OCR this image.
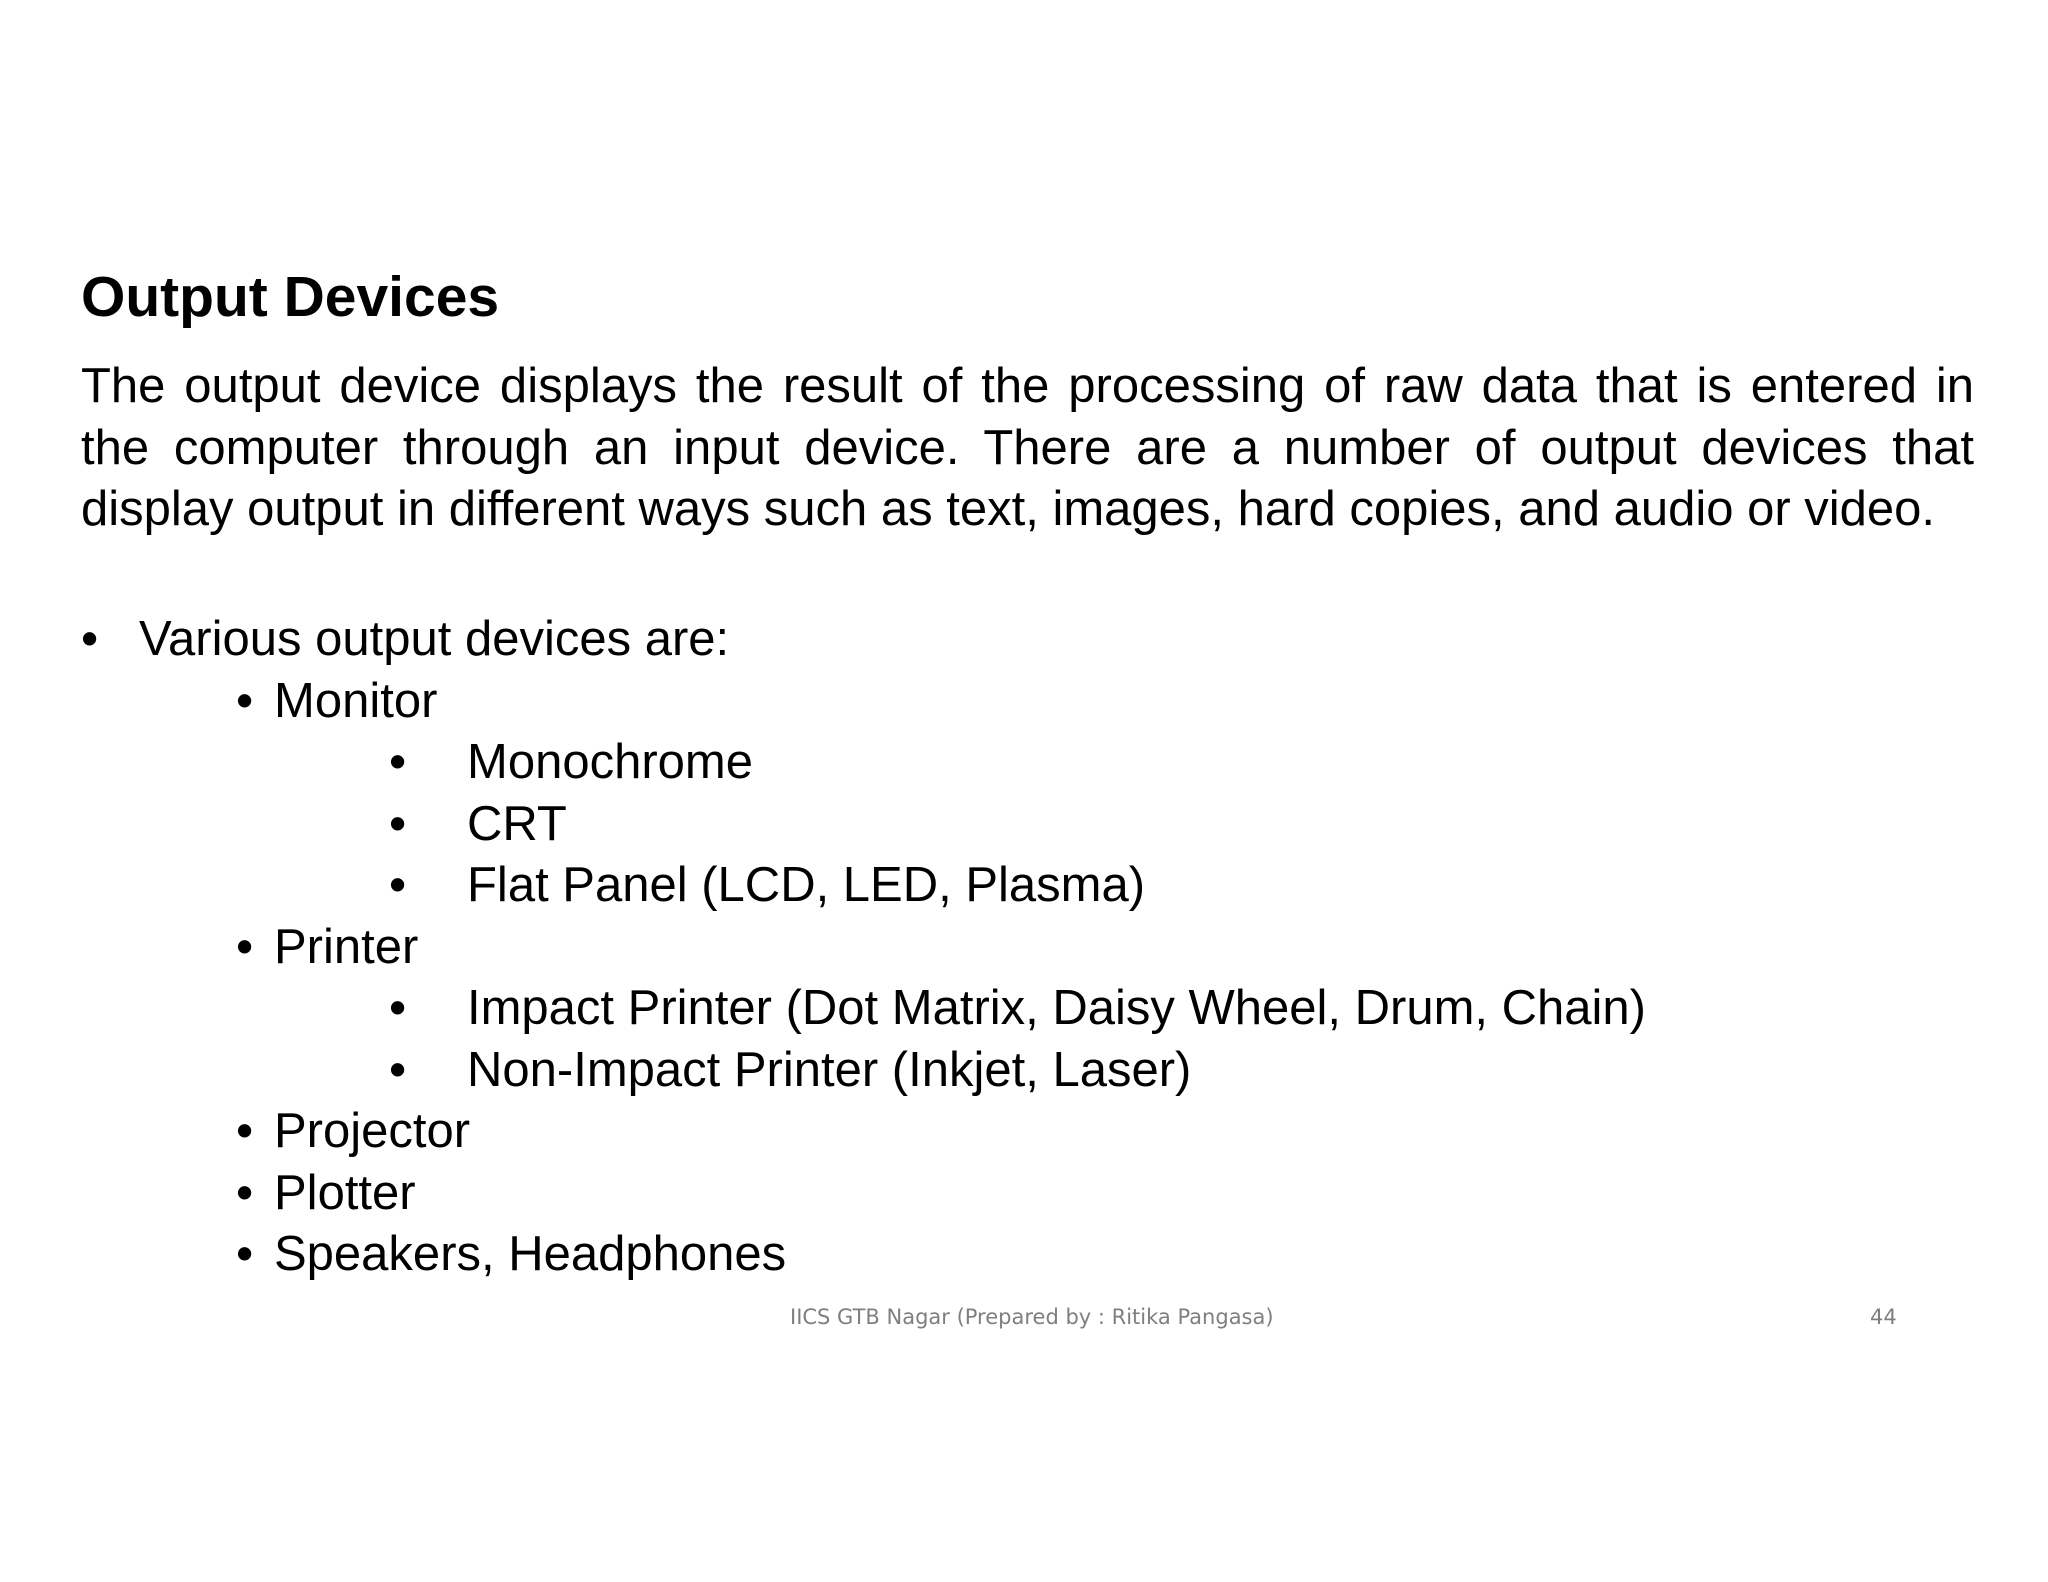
Output Devices

The output device displays the result of the processing of raw data that is entered in the computer through an input device. There are a number of output devices that display output in different ways such as text, images, hard copies, and audio or video.

• Various output devices are:
• Monitor
• Monochrome
• CRT
• Flat Panel (LCD, LED, Plasma)
• Printer
• Impact Printer (Dot Matrix, Daisy Wheel, Drum, Chain)
• Non-Impact Printer (Inkjet, Laser)
• Projector
• Plotter
• Speakers, Headphones
IICS GTB Nagar (Prepared by : Ritika Pangasa)	44
